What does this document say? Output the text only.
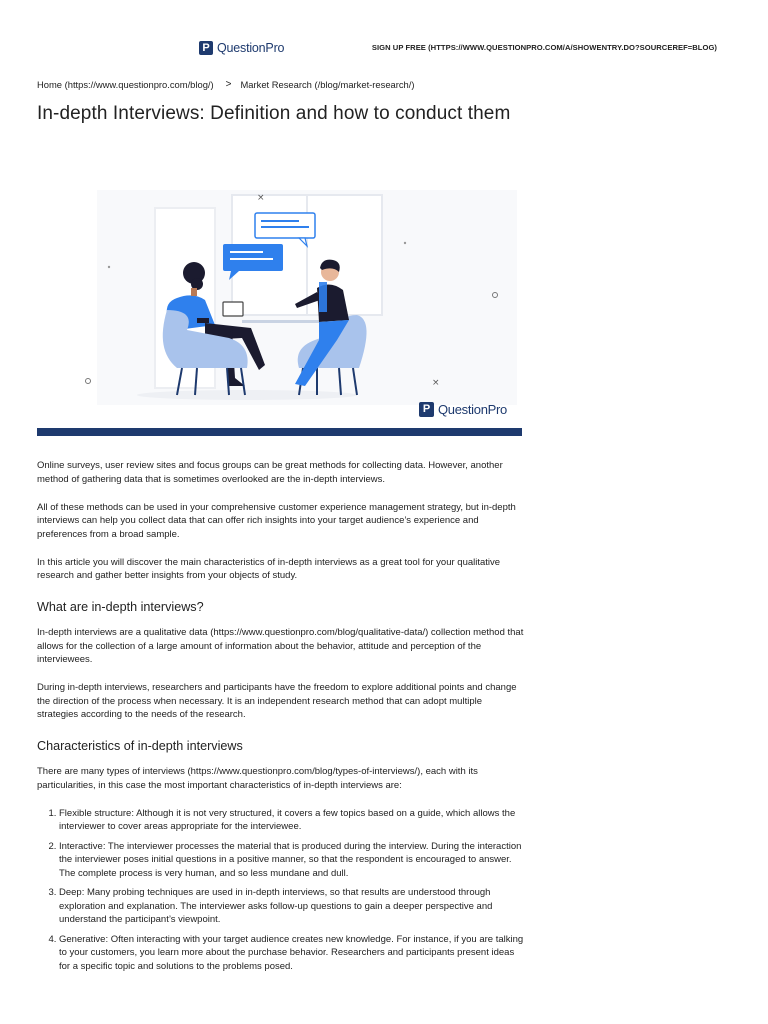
P QuestionPro	SIGN UP FREE (HTTPS://WWW.QUESTIONPRO.COM/A/SHOWENTRY.DO?SOURCEREF=BLOG)
Home (https://www.questionpro.com/blog/) > Market Research (/blog/market-research/)
In-depth Interviews: Definition and how to conduct them
×
×
P QuestionPro

Online surveys, user review sites and focus groups can be great methods for collecting data. However, another method of gathering data that is sometimes overlooked are the in-depth interviews.

All of these methods can be used in your comprehensive customer experience management strategy, but in-depth interviews can help you collect data that can offer rich insights into your target audience’s experience and preferences from a broad sample.

In this article you will discover the main characteristics of in-depth interviews as a great tool for your qualitative research and gather better insights from your objects of study.

What are in-depth interviews?

In-depth interviews are a qualitative data (https://www.questionpro.com/blog/qualitative-data/) collection method that allows for the collection of a large amount of information about the behavior, attitude and perception of the interviewees.

During in-depth interviews, researchers and participants have the freedom to explore additional points and change the direction of the process when necessary. It is an independent research method that can adopt multiple strategies according to the needs of the research.

Characteristics of in-depth interviews

There are many types of interviews (https://www.questionpro.com/blog/types-of-interviews/), each with its particularities, in this case the most important characteristics of in-depth interviews are:

1. Flexible structure: Although it is not very structured, it covers a few topics based on a guide, which allows the interviewer to cover areas appropriate for the interviewee.
2. Interactive: The interviewer processes the material that is produced during the interview. During the interaction the interviewer poses initial questions in a positive manner, so that the respondent is encouraged to answer. The complete process is very human, and so less mundane and dull.
3. Deep: Many probing techniques are used in in-depth interviews, so that results are understood through exploration and explanation. The interviewer asks follow-up questions to gain a deeper perspective and understand the participant’s viewpoint.
4. Generative: Often interacting with your target audience creates new knowledge. For instance, if you are talking to your customers, you learn more about the purchase behavior. Researchers and participants present ideas for a specific topic and solutions to the problems posed.
